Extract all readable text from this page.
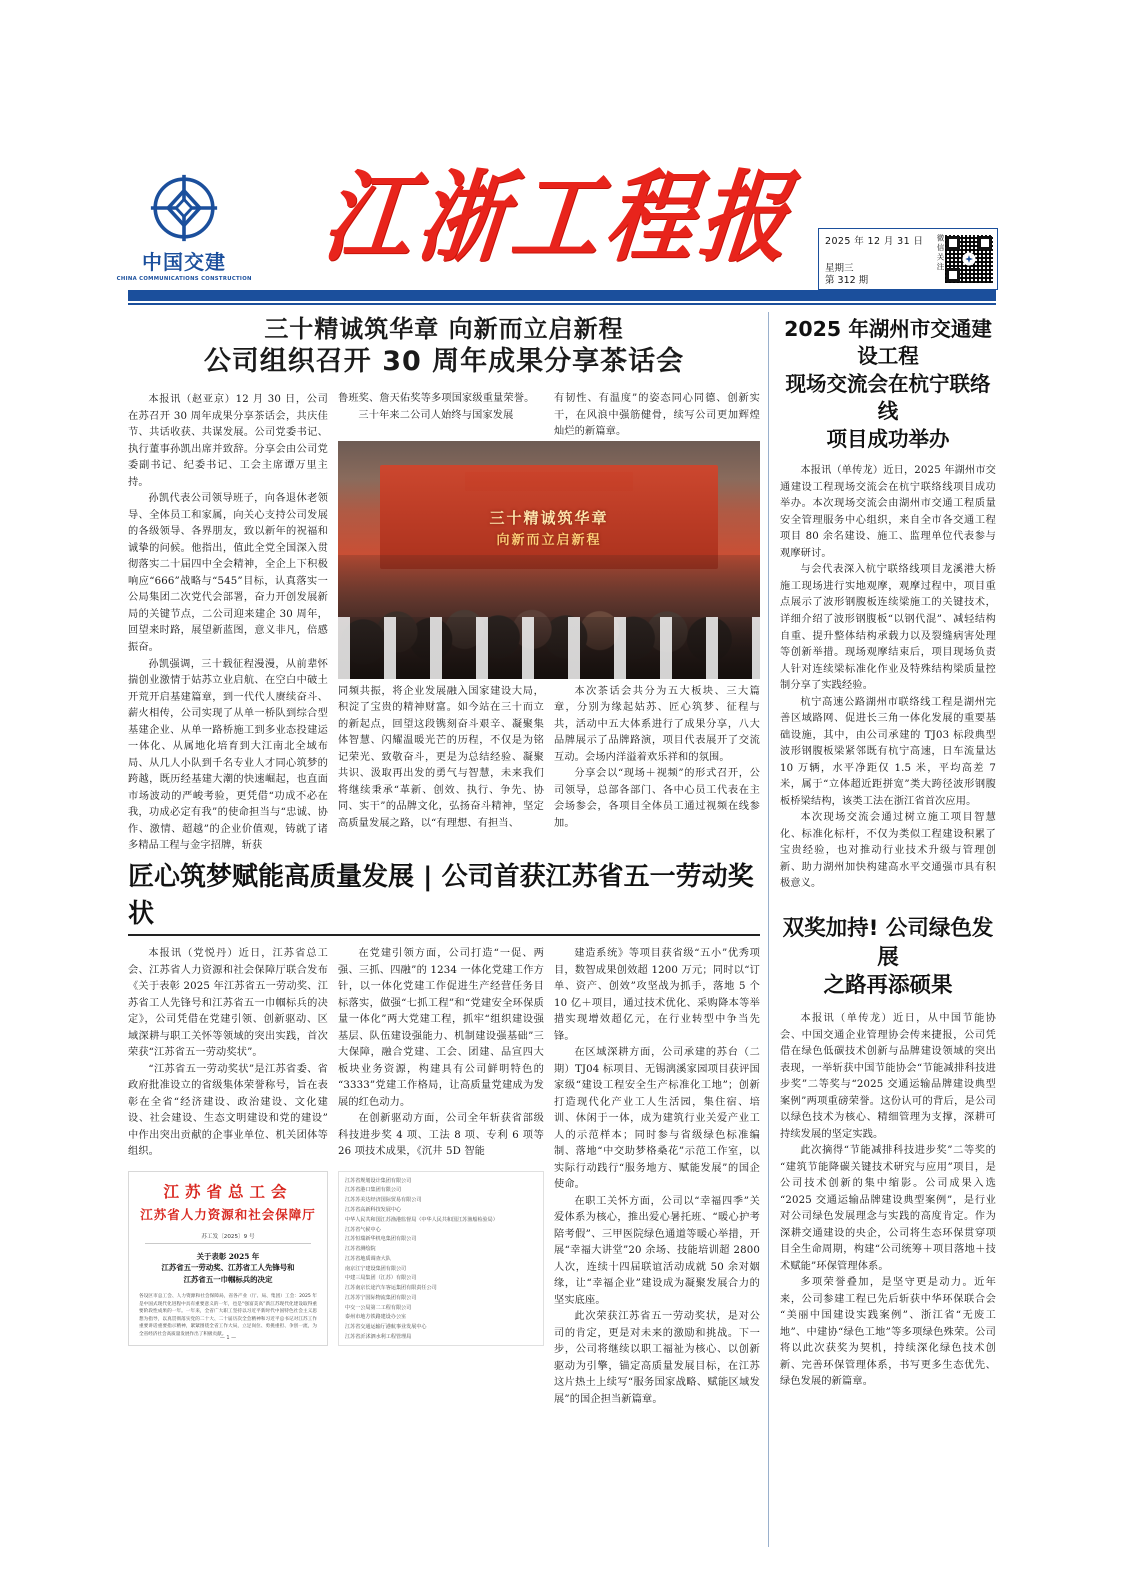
中国交建
CHINA COMMUNICATIONS CONSTRUCTION
江浙工程报	2025 年 12 月 31 日
星期三
第 312 期
微信关注
三十精诚筑华章 向新而立启新程
公司组织召开 30 周年成果分享茶话会

本报讯（赵亚京）12 月 30 日，公司在苏召开 30 周年成果分享茶话会，共庆佳节、共话收获、共谋发展。公司党委书记、执行董事孙凯出席并致辞。分享会由公司党委副书记、纪委书记、工会主席谭万里主持。

孙凯代表公司领导班子，向各退休老领导、全体员工和家属，向关心支持公司发展的各级领导、各界朋友，致以新年的祝福和诚挚的问候。他指出，值此全党全国深入贯彻落实二十届四中全会精神，全企上下积极响应“666”战略与“545”目标，认真落实一公局集团二次党代会部署，奋力开创发展新局的关键节点，二公司迎来建企 30 周年，回望来时路，展望新蓝图，意义非凡，倍感振奋。

孙凯强调，三十载征程漫漫，从前辈怀揣创业激情于姑苏立业启航、在空白中破土开荒开启基建篇章，到一代代人赓续奋斗、薪火相传，公司实现了从单一桥队到综合型基建企业、从单一路桥施工到多业态投建运一体化、从属地化培育到大江南北全域布局、从几人小队到千名专业人才同心筑梦的跨越，既历经基建大潮的快速崛起，也直面市场波动的严峻考验，更凭借“功成不必在我，功成必定有我”的使命担当与“忠诚、协作、激情、超越”的企业价值观，铸就了诸多精品工程与金字招牌，斩获

鲁班奖、詹天佑奖等多项国家级重量荣誉。

三十年来二公司人始终与国家发展

有韧性、有温度”的姿态同心同德、创新实干，在风浪中强筋健骨，续写公司更加辉煌灿烂的新篇章。

三十精诚筑华章
向新而立启新程

同频共振，将企业发展融入国家建设大局，积淀了宝贵的精神财富。如今站在三十而立的新起点，回望这段镌刻奋斗艰辛、凝聚集体智慧、闪耀温暖光芒的历程，不仅是为铭记荣光、致敬奋斗，更是为总结经验、凝聚共识、汲取再出发的勇气与智慧，未来我们将继续秉承“革新、创效、执行、争先、协同、实干”的品牌文化，弘扬奋斗精神，坚定高质量发展之路，以“有理想、有担当、

本次茶话会共分为五大板块、三大篇章，分别为缘起姑苏、匠心筑梦、征程与共，活动中五大体系进行了成果分享，八大品牌展示了品牌路演，项目代表展开了交流互动。会场内洋溢着欢乐祥和的氛围。

分享会以“现场＋视频”的形式召开，公司领导，总部各部门、各中心员工代表在主会场参会，各项目全体员工通过视频在线参加。

匠心筑梦赋能高质量发展 | 公司首获江苏省五一劳动奖状

本报讯（党悦丹）近日，江苏省总工会、江苏省人力资源和社会保障厅联合发布《关于表彰 2025 年江苏省五一劳动奖、江苏省工人先锋号和江苏省五一巾帼标兵的决定》，公司凭借在党建引领、创新驱动、区域深耕与职工关怀等领域的突出实践，首次荣获“江苏省五一劳动奖状”。

“江苏省五一劳动奖状”是江苏省委、省政府批准设立的省级集体荣誉称号，旨在表彰在全省“经济建设、政治建设、文化建设、社会建设、生态文明建设和党的建设”中作出突出贡献的企事业单位、机关团体等组织。

江苏省总工会
江苏省人力资源和社会保障厅
苏工发〔2025〕9 号
关于表彰 2025 年
江苏省五一劳动奖、江苏省工人先锋号和
江苏省五一巾帼标兵的决定
各设区市总工会、人力资源和社会保障局，省各产业（厅、局、集团）工会：2025 年是中国式现代化进程中具有重要意义的一年，也是“强富美高”新江苏现代化建设取得重要阶段性成果的一年。一年来，全省广大职工坚持以习近平新时代中国特色社会主义思想为指导，以真贯彻落实党的二十大、二十届历次全会精神和习近平总书记对江苏工作重要讲话重要指示精神，紧紧围绕全省工作大局，立足岗位、勇挑重担、争创一流，为全省经济社会高质量发展作出了积极贡献。
— 1 —

在党建引领方面，公司打造“一促、两强、三抓、四融”的 1234 一体化党建工作方针，以一体化党建工作促进生产经营任务目标落实，做强“七抓工程”和“党建安全环保质量一体化”两大党建工程，抓牢“组织建设强基层、队伍建设强能力、机制建设强基础”三大保障，融合党建、工会、团建、品宣四大板块业务资源，构建具有公司鲜明特色的“3333”党建工作格局，让高质量党建成为发展的红色动力。

在创新驱动方面，公司全年斩获省部级科技进步奖 4 项、工法 8 项、专利 6 项等 26 项技术成果，《沉井 5D 智能

江苏省规划设计集团有限公司
江苏省港口集团有限公司
江苏苏美达经济国际贸易有限公司
江苏省高新科技发展中心
中华人民共和国江苏渔港监督局（中华人民共和国江苏渔船检验局）
江苏省气候中心
江苏恒瑞新华机电集团有限公司
江苏省测绘院
江苏省地质调查大队
南京江宁建设集团有限公司
中建三局集团（江苏）有限公司
江苏南京长途汽车客运集团有限责任公司
江苏苏宁国际物流集团有限公司
中交一公局第二工程有限公司
泰州市地方铁路建设办公室
江苏省交通运输厅港航事业发展中心
江苏省沂沭泗水利工程管理局

建造系统》等项目获省级“五小”优秀项目，数智成果创效超 1200 万元；同时以“订单、资产、创效”攻坚战为抓手，落地 5 个 10 亿＋项目，通过技术优化、采购降本等举措实现增效超亿元，在行业转型中争当先锋。

在区域深耕方面，公司承建的苏台（二期）TJ04 标项目、无锡漓溪家园项目获评国家级“建设工程安全生产标准化工地”；创新打造现代化产业工人生活园，集住宿、培训、休闲于一体，成为建筑行业关爱产业工人的示范样本；同时参与省级绿色标准编制、落地“中交助梦格桑花”示范工作室，以实际行动践行“服务地方、赋能发展”的国企使命。

在职工关怀方面，公司以“幸福四季”关爱体系为核心，推出爱心暑托班、“暖心护考陪考假”、三甲医院绿色通道等暖心举措，开展“幸福大讲堂”20 余场、技能培训超 2800 人次，连续十四届联谊活动成就 50 余对姻缘，让“幸福企业”建设成为凝聚发展合力的坚实底座。

此次荣获江苏省五一劳动奖状，是对公司的肯定，更是对未来的激励和挑战。下一步，公司将继续以职工福祉为核心、以创新驱动为引擎，锚定高质量发展目标，在江苏这片热土上续写“服务国家战略、赋能区域发展”的国企担当新篇章。

2025 年湖州市交通建设工程
现场交流会在杭宁联络线
项目成功举办

本报讯（单传龙）近日，2025 年湖州市交通建设工程现场交流会在杭宁联络线项目成功举办。本次现场交流会由湖州市交通工程质量安全管理服务中心组织，来自全市各交通工程项目 80 余名建设、施工、监理单位代表参与观摩研讨。

与会代表深入杭宁联络线项目龙溪港大桥施工现场进行实地观摩，观摩过程中，项目重点展示了波形钢腹板连续梁施工的关键技术，详细介绍了波形钢腹板“以钢代混”、减轻结构自重、提升整体结构承载力以及裂缝病害处理等创新举措。现场观摩结束后，项目现场负责人针对连续梁标准化作业及特殊结构梁质量控制分享了实践经验。

杭宁高速公路湖州市联络线工程是湖州完善区域路网、促进长三角一体化发展的重要基础设施，其中，由公司承建的 TJ03 标段典型波形钢腹板梁紧邻既有杭宁高速，日车流量达 10 万辆，水平净距仅 1.5 米，平均高差 7 米，属于“立体超近距拼宽”类大跨径波形钢腹板桥梁结构，该类工法在浙江省首次应用。

本次现场交流会通过树立施工项目智慧化、标准化标杆，不仅为类似工程建设积累了宝贵经验，也对推动行业技术升级与管理创新、助力湖州加快构建高水平交通强市具有积极意义。

双奖加持! 公司绿色发展
之路再添硕果

本报讯（单传龙）近日，从中国节能协会、中国交通企业管理协会传来捷报，公司凭借在绿色低碳技术创新与品牌建设领域的突出表现，一举斩获中国节能协会“节能减排科技进步奖”二等奖与“2025 交通运输品牌建设典型案例”两项重磅荣誉。这份认可的背后，是公司以绿色技术为核心、精细管理为支撑，深耕可持续发展的坚定实践。

此次摘得“节能减排科技进步奖”二等奖的“建筑节能降碳关键技术研究与应用”项目，是公司技术创新的集中缩影。公司成果入选“2025 交通运输品牌建设典型案例”，是行业对公司绿色发展理念与实践的高度肯定。作为深耕交通建设的央企，公司将生态环保贯穿项目全生命周期，构建“公司统筹＋项目落地＋技术赋能”环保管理体系。

多项荣誉叠加，是坚守更是动力。近年来，公司参建工程已先后斩获中华环保联合会“美丽中国建设实践案例”、浙江省“无废工地”、中建协“绿色工地”等多项绿色殊荣。公司将以此次获奖为契机，持续深化绿色技术创新、完善环保管理体系，书写更多生态优先、绿色发展的新篇章。
